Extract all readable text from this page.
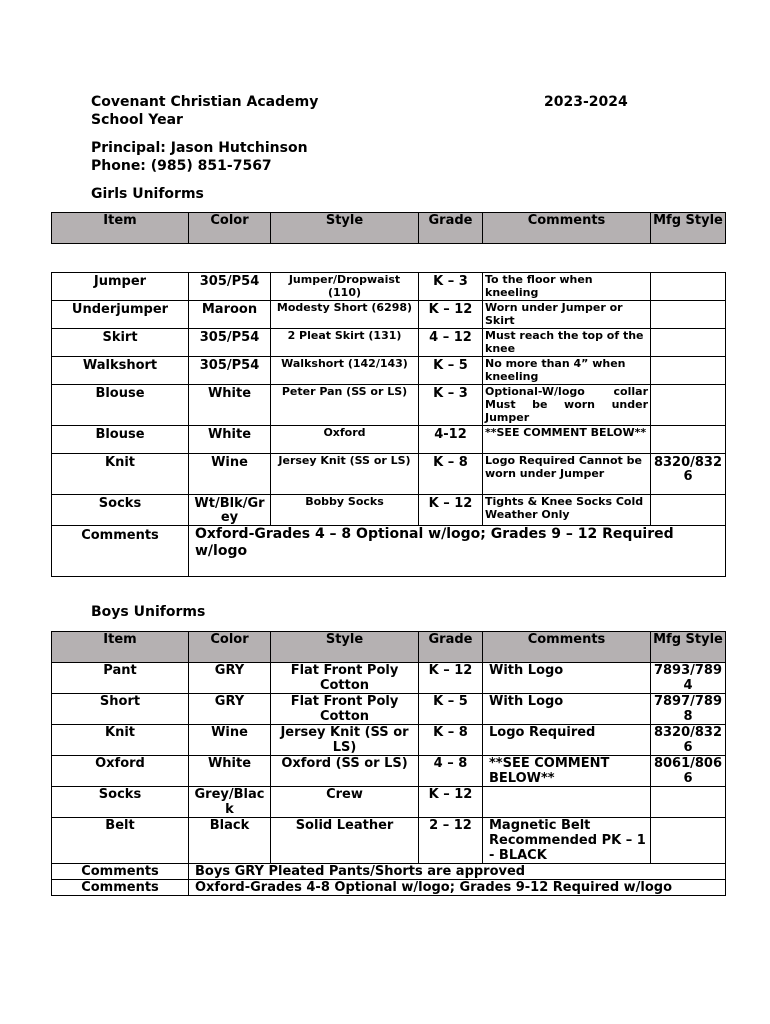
Covenant Christian Academy	2023-2024
School Year
Principal: Jason Hutchinson
Phone: (985) 851-7567
Girls Uniforms
Item	Color	Style	Grade	Comments	Mfg Style
Jumper	305/P54	Jumper/Dropwaist (110)	K – 3	To the floor when kneeling	
Underjumper	Maroon	Modesty Short (6298)	K – 12	Worn under Jumper or Skirt	
Skirt	305/P54	2 Pleat Skirt (131)	4 – 12	Must reach the top of the knee	
Walkshort	305/P54	Walkshort (142/143)	K – 5	No more than 4” when kneeling	
Blouse	White	Peter Pan (SS or LS)	K – 3	Optional-W/logo collar Must be worn under Jumper	
Blouse	White	Oxford	4-12	**SEE COMMENT BELOW**	
Knit	Wine	Jersey Knit (SS or LS)	K – 8	Logo Required Cannot be worn under Jumper	8320/8326
Socks	Wt/Blk/Grey	Bobby Socks	K – 12	Tights & Knee Socks Cold Weather Only	
Comments	Oxford-Grades 4 – 8 Optional w/logo; Grades 9 – 12 Required w/logo				
Boys Uniforms
Item	Color	Style	Grade	Comments	Mfg Style
Pant	GRY	Flat Front Poly Cotton	K – 12	With Logo	7893/7894
Short	GRY	Flat Front Poly Cotton	K – 5	With Logo	7897/7898
Knit	Wine	Jersey Knit (SS or LS)	K – 8	Logo Required	8320/8326
Oxford	White	Oxford (SS or LS)	4 – 8	**SEE COMMENT BELOW**	8061/8066
Socks	Grey/Black	Crew	K – 12		
Belt	Black	Solid Leather	2 – 12	Magnetic Belt Recommended PK – 1 - BLACK	
Comments	Boys GRY Pleated Pants/Shorts are approved				
Comments	Oxford-Grades 4-8 Optional w/logo; Grades 9-12 Required w/logo				
